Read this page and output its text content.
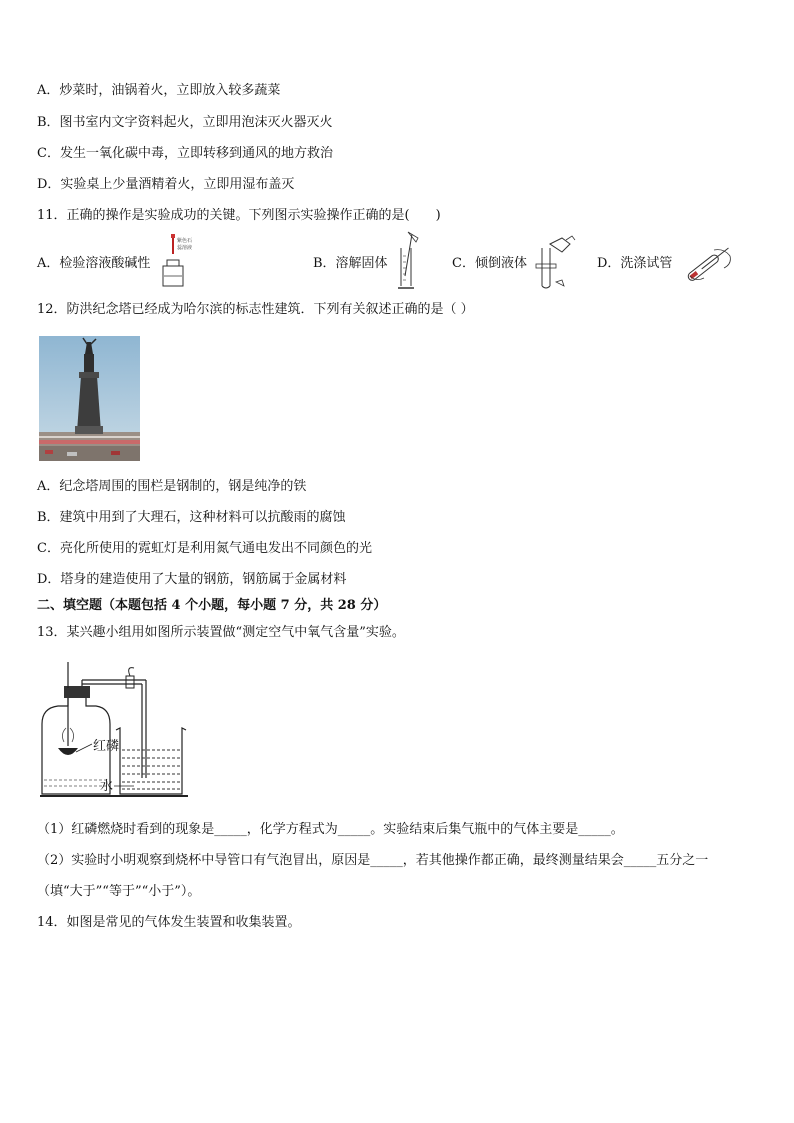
A．炒菜时，油锅着火，立即放入较多蔬菜
B．图书室内文字资料起火，立即用泡沫灭火器灭火
C．发生一氧化碳中毒，立即转移到通风的地方救治
D．实验桌上少量酒精着火，立即用湿布盖灭
11．正确的操作是实验成功的关键。下列图示实验操作正确的是(　　)
A．检验溶液酸碱性
紫色石
蕊溶液
B．溶解固体	C．倾倒液体	D．洗涤试管
12．防洪纪念塔已经成为哈尔滨的标志性建筑．下列有关叙述正确的是（ ）
A．纪念塔周围的围栏是钢制的，钢是纯净的铁
B．建筑中用到了大理石，这种材料可以抗酸雨的腐蚀
C．亮化所使用的霓虹灯是利用氮气通电发出不同颜色的光
D．塔身的建造使用了大量的钢筋，钢筋属于金属材料
二、填空题（本题包括 4 个小题，每小题 7 分，共 28 分）
13．某兴趣小组用如图所示装置做“测定空气中氧气含量”实验。
红磷
水
（1）红磷燃烧时看到的现象是_____，化学方程式为_____。实验结束后集气瓶中的气体主要是_____。
（2）实验时小明观察到烧杯中导管口有气泡冒出，原因是_____，若其他操作都正确，最终测量结果会_____五分之一
（填“大于”“等于”“小于”）。
14．如图是常见的气体发生装置和收集装置。
